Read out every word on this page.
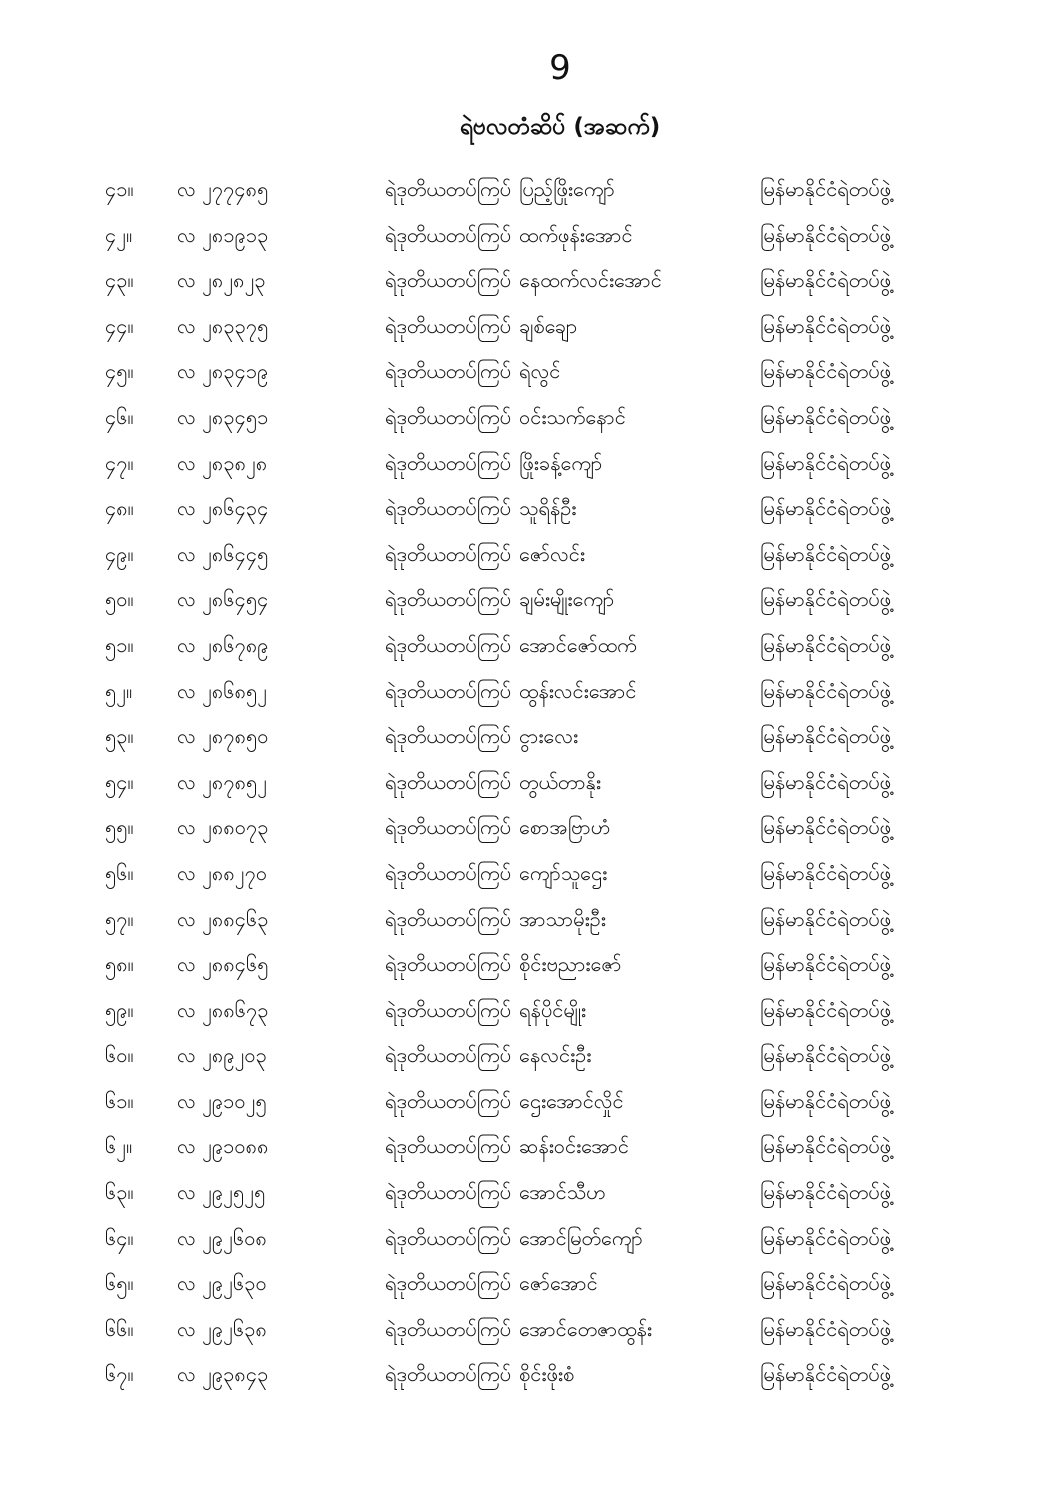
9
ရဲဗလတံဆိပ် (အဆက်)
၄၁။	လ ၂၇၇၄၈၅	ရဲဒုတိယတပ်ကြပ် ပြည့်ဖြိုးကျော်	မြန်မာနိုင်ငံရဲတပ်ဖွဲ့
၄၂။	လ ၂၈၁၉၁၃	ရဲဒုတိယတပ်ကြပ် ထက်ဖုန်းအောင်	မြန်မာနိုင်ငံရဲတပ်ဖွဲ့
၄၃။	လ ၂၈၂၈၂၃	ရဲဒုတိယတပ်ကြပ် နေထက်လင်းအောင်	မြန်မာနိုင်ငံရဲတပ်ဖွဲ့
၄၄။	လ ၂၈၃၃၇၅	ရဲဒုတိယတပ်ကြပ် ချစ်ချော	မြန်မာနိုင်ငံရဲတပ်ဖွဲ့
၄၅။	လ ၂၈၃၄၁၉	ရဲဒုတိယတပ်ကြပ် ရဲလွင်	မြန်မာနိုင်ငံရဲတပ်ဖွဲ့
၄၆။	လ ၂၈၃၄၅၁	ရဲဒုတိယတပ်ကြပ် ဝင်းသက်နောင်	မြန်မာနိုင်ငံရဲတပ်ဖွဲ့
၄၇။	လ ၂၈၃၈၂၈	ရဲဒုတိယတပ်ကြပ် ဖြိုးခန့်ကျော်	မြန်မာနိုင်ငံရဲတပ်ဖွဲ့
၄၈။	လ ၂၈၆၄၃၄	ရဲဒုတိယတပ်ကြပ် သူရိန်ဦး	မြန်မာနိုင်ငံရဲတပ်ဖွဲ့
၄၉။	လ ၂၈၆၄၄၅	ရဲဒုတိယတပ်ကြပ် ဇော်လင်း	မြန်မာနိုင်ငံရဲတပ်ဖွဲ့
၅၀။	လ ၂၈၆၄၅၄	ရဲဒုတိယတပ်ကြပ် ချမ်းမျိုးကျော်	မြန်မာနိုင်ငံရဲတပ်ဖွဲ့
၅၁။	လ ၂၈၆၇၈၉	ရဲဒုတိယတပ်ကြပ် အောင်ဇော်ထက်	မြန်မာနိုင်ငံရဲတပ်ဖွဲ့
၅၂။	လ ၂၈၆၈၅၂	ရဲဒုတိယတပ်ကြပ် ထွန်းလင်းအောင်	မြန်မာနိုင်ငံရဲတပ်ဖွဲ့
၅၃။	လ ၂၈၇၈၅၀	ရဲဒုတိယတပ်ကြပ် ငွားလေး	မြန်မာနိုင်ငံရဲတပ်ဖွဲ့
၅၄။	လ ၂၈၇၈၅၂	ရဲဒုတိယတပ်ကြပ် တွယ်တာနိုး	မြန်မာနိုင်ငံရဲတပ်ဖွဲ့
၅၅။	လ ၂၈၈၀၇၃	ရဲဒုတိယတပ်ကြပ် စောအဗြာဟံ	မြန်မာနိုင်ငံရဲတပ်ဖွဲ့
၅၆။	လ ၂၈၈၂၇၀	ရဲဒုတိယတပ်ကြပ် ကျော်သူဌေး	မြန်မာနိုင်ငံရဲတပ်ဖွဲ့
၅၇။	လ ၂၈၈၄၆၃	ရဲဒုတိယတပ်ကြပ် အာသာမိုးဦး	မြန်မာနိုင်ငံရဲတပ်ဖွဲ့
၅၈။	လ ၂၈၈၄၆၅	ရဲဒုတိယတပ်ကြပ် စိုင်းဗညားဇော်	မြန်မာနိုင်ငံရဲတပ်ဖွဲ့
၅၉။	လ ၂၈၈၆၇၃	ရဲဒုတိယတပ်ကြပ် ရန်ပိုင်မျိုး	မြန်မာနိုင်ငံရဲတပ်ဖွဲ့
၆၀။	လ ၂၈၉၂၀၃	ရဲဒုတိယတပ်ကြပ် နေလင်းဦး	မြန်မာနိုင်ငံရဲတပ်ဖွဲ့
၆၁။	လ ၂၉၁၀၂၅	ရဲဒုတိယတပ်ကြပ် ဌေးအောင်လှိုင်	မြန်မာနိုင်ငံရဲတပ်ဖွဲ့
၆၂။	လ ၂၉၁၀၈၈	ရဲဒုတိယတပ်ကြပ် ဆန်းဝင်းအောင်	မြန်မာနိုင်ငံရဲတပ်ဖွဲ့
၆၃။	လ ၂၉၂၅၂၅	ရဲဒုတိယတပ်ကြပ် အောင်သီဟ	မြန်မာနိုင်ငံရဲတပ်ဖွဲ့
၆၄။	လ ၂၉၂၆၀၈	ရဲဒုတိယတပ်ကြပ် အောင်မြတ်ကျော်	မြန်မာနိုင်ငံရဲတပ်ဖွဲ့
၆၅။	လ ၂၉၂၆၃၀	ရဲဒုတိယတပ်ကြပ် ဇော်အောင်	မြန်မာနိုင်ငံရဲတပ်ဖွဲ့
၆၆။	လ ၂၉၂၆၃၈	ရဲဒုတိယတပ်ကြပ် အောင်တေဇာထွန်း	မြန်မာနိုင်ငံရဲတပ်ဖွဲ့
၆၇။	လ ၂၉၃၈၄၃	ရဲဒုတိယတပ်ကြပ် စိုင်းဖိုးစံ	မြန်မာနိုင်ငံရဲတပ်ဖွဲ့
